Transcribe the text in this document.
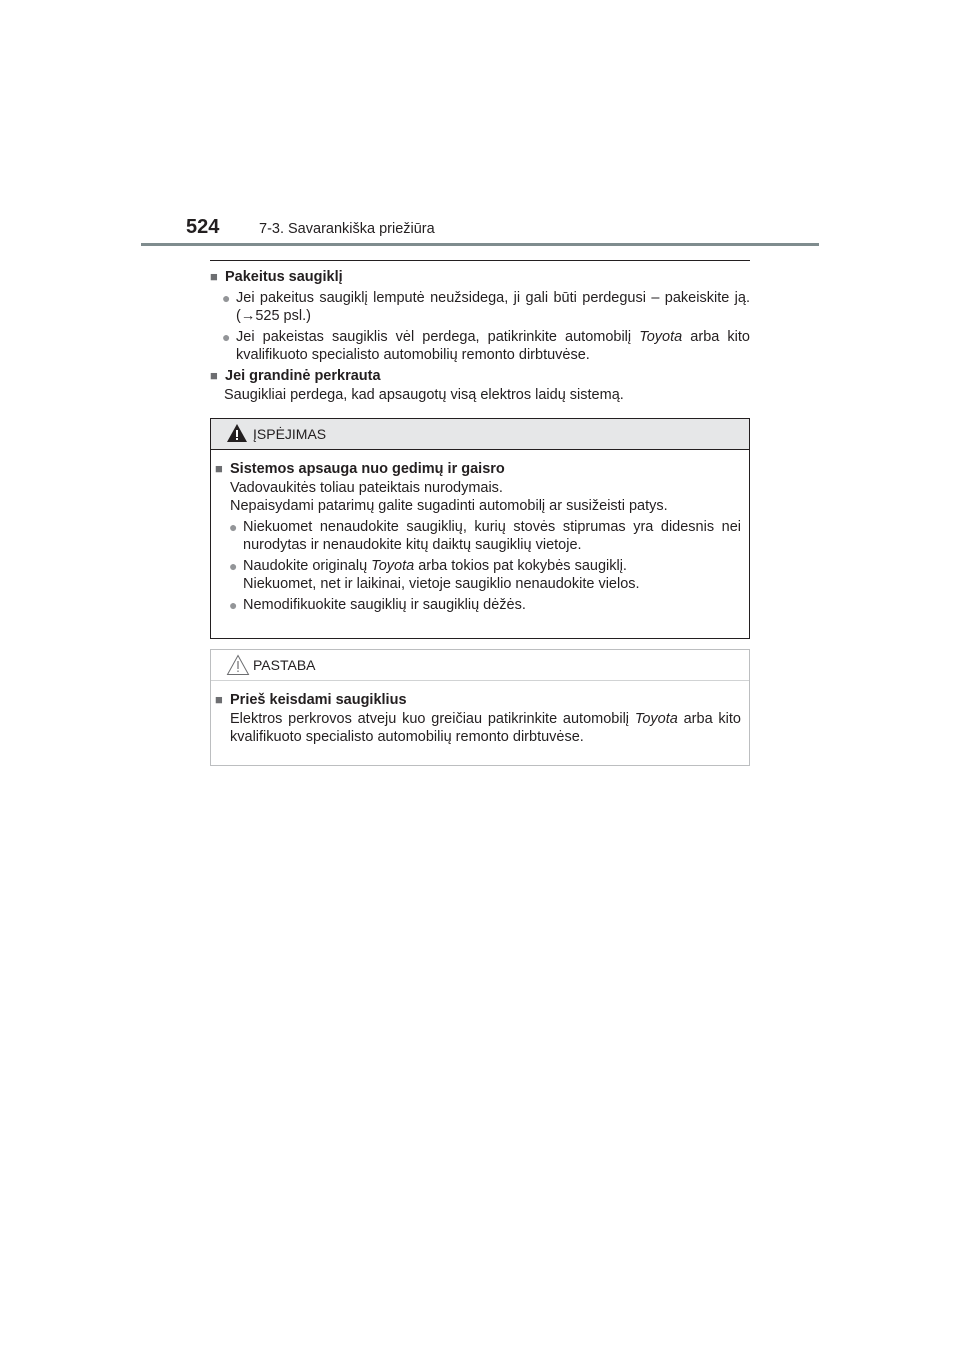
524	7-3. Savarankiška priežiūra

■ Pakeitus saugiklį

● Jei pakeitus saugiklį lemputė neužsidega, ji gali būti perdegusi – pakeiskite ją. (→525 psl.)

● Jei pakeistas saugiklis vėl perdega, patikrinkite automobilį Toyota arba kito kvalifikuoto specialisto automobilių remonto dirbtuvėse.

■ Jei grandinė perkrauta

Saugikliai perdega, kad apsaugotų visą elektros laidų sistemą.

ĮSPĖJIMAS

■ Sistemos apsauga nuo gedimų ir gaisro

Vadovaukitės toliau pateiktais nurodymais.
Nepaisydami patarimų galite sugadinti automobilį ar susižeisti patys.

● Niekuomet nenaudokite saugiklių, kurių stovės stiprumas yra didesnis nei nurodytas ir nenaudokite kitų daiktų saugiklių vietoje.

● Naudokite originalų Toyota arba tokios pat kokybės saugiklį.
Niekuomet, net ir laikinai, vietoje saugiklio nenaudokite vielos.

● Nemodifikuokite saugiklių ir saugiklių dėžės.

PASTABA

■ Prieš keisdami saugiklius

Elektros perkrovos atveju kuo greičiau patikrinkite automobilį Toyota arba kito kvalifikuoto specialisto automobilių remonto dirbtuvėse.
